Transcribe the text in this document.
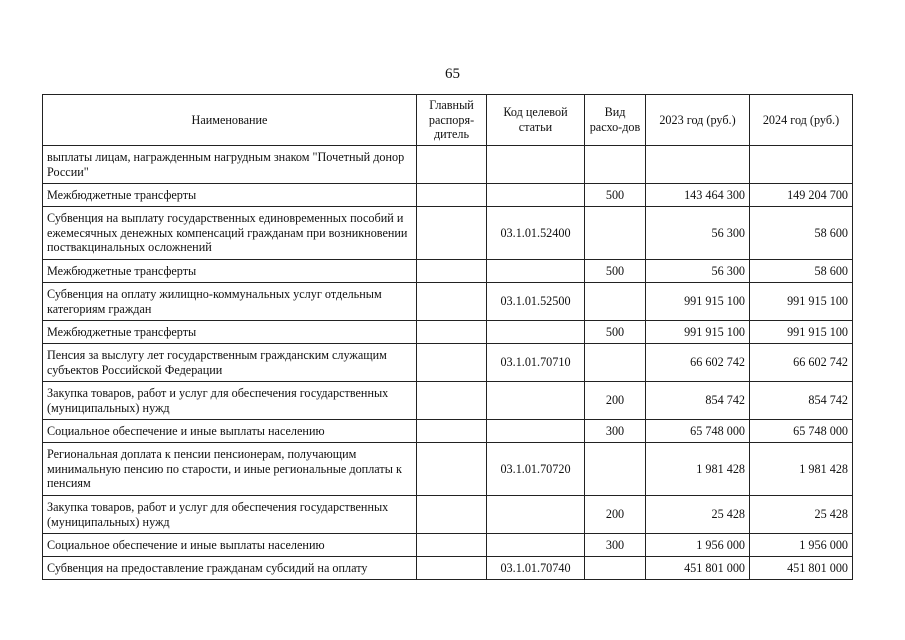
65
Наименование	Главный распоря-дитель	Код целевой статьи	Вид расхо-дов	2023 год (руб.)	2024 год (руб.)
выплаты лицам, награжденным нагрудным знаком "Почетный донор России"					
Межбюджетные трансферты			500	143 464 300	149 204 700
Субвенция на выплату государственных единовременных пособий и ежемесячных денежных компенсаций гражданам при возникновении поствакцинальных осложнений		03.1.01.52400		56 300	58 600
Межбюджетные трансферты			500	56 300	58 600
Субвенция на оплату жилищно-коммунальных услуг отдельным категориям граждан		03.1.01.52500		991 915 100	991 915 100
Межбюджетные трансферты			500	991 915 100	991 915 100
Пенсия за выслугу лет государственным гражданским служащим субъектов Российской Федерации		03.1.01.70710		66 602 742	66 602 742
Закупка товаров, работ и услуг для обеспечения государственных (муниципальных) нужд			200	854 742	854 742
Социальное обеспечение и иные выплаты населению			300	65 748 000	65 748 000
Региональная доплата к пенсии пенсионерам, получающим минимальную пенсию по старости, и иные региональные доплаты к пенсиям		03.1.01.70720		1 981 428	1 981 428
Закупка товаров, работ и услуг для обеспечения государственных (муниципальных) нужд			200	25 428	25 428
Социальное обеспечение и иные выплаты населению			300	1 956 000	1 956 000
Субвенция на предоставление гражданам субсидий на оплату		03.1.01.70740		451 801 000	451 801 000
